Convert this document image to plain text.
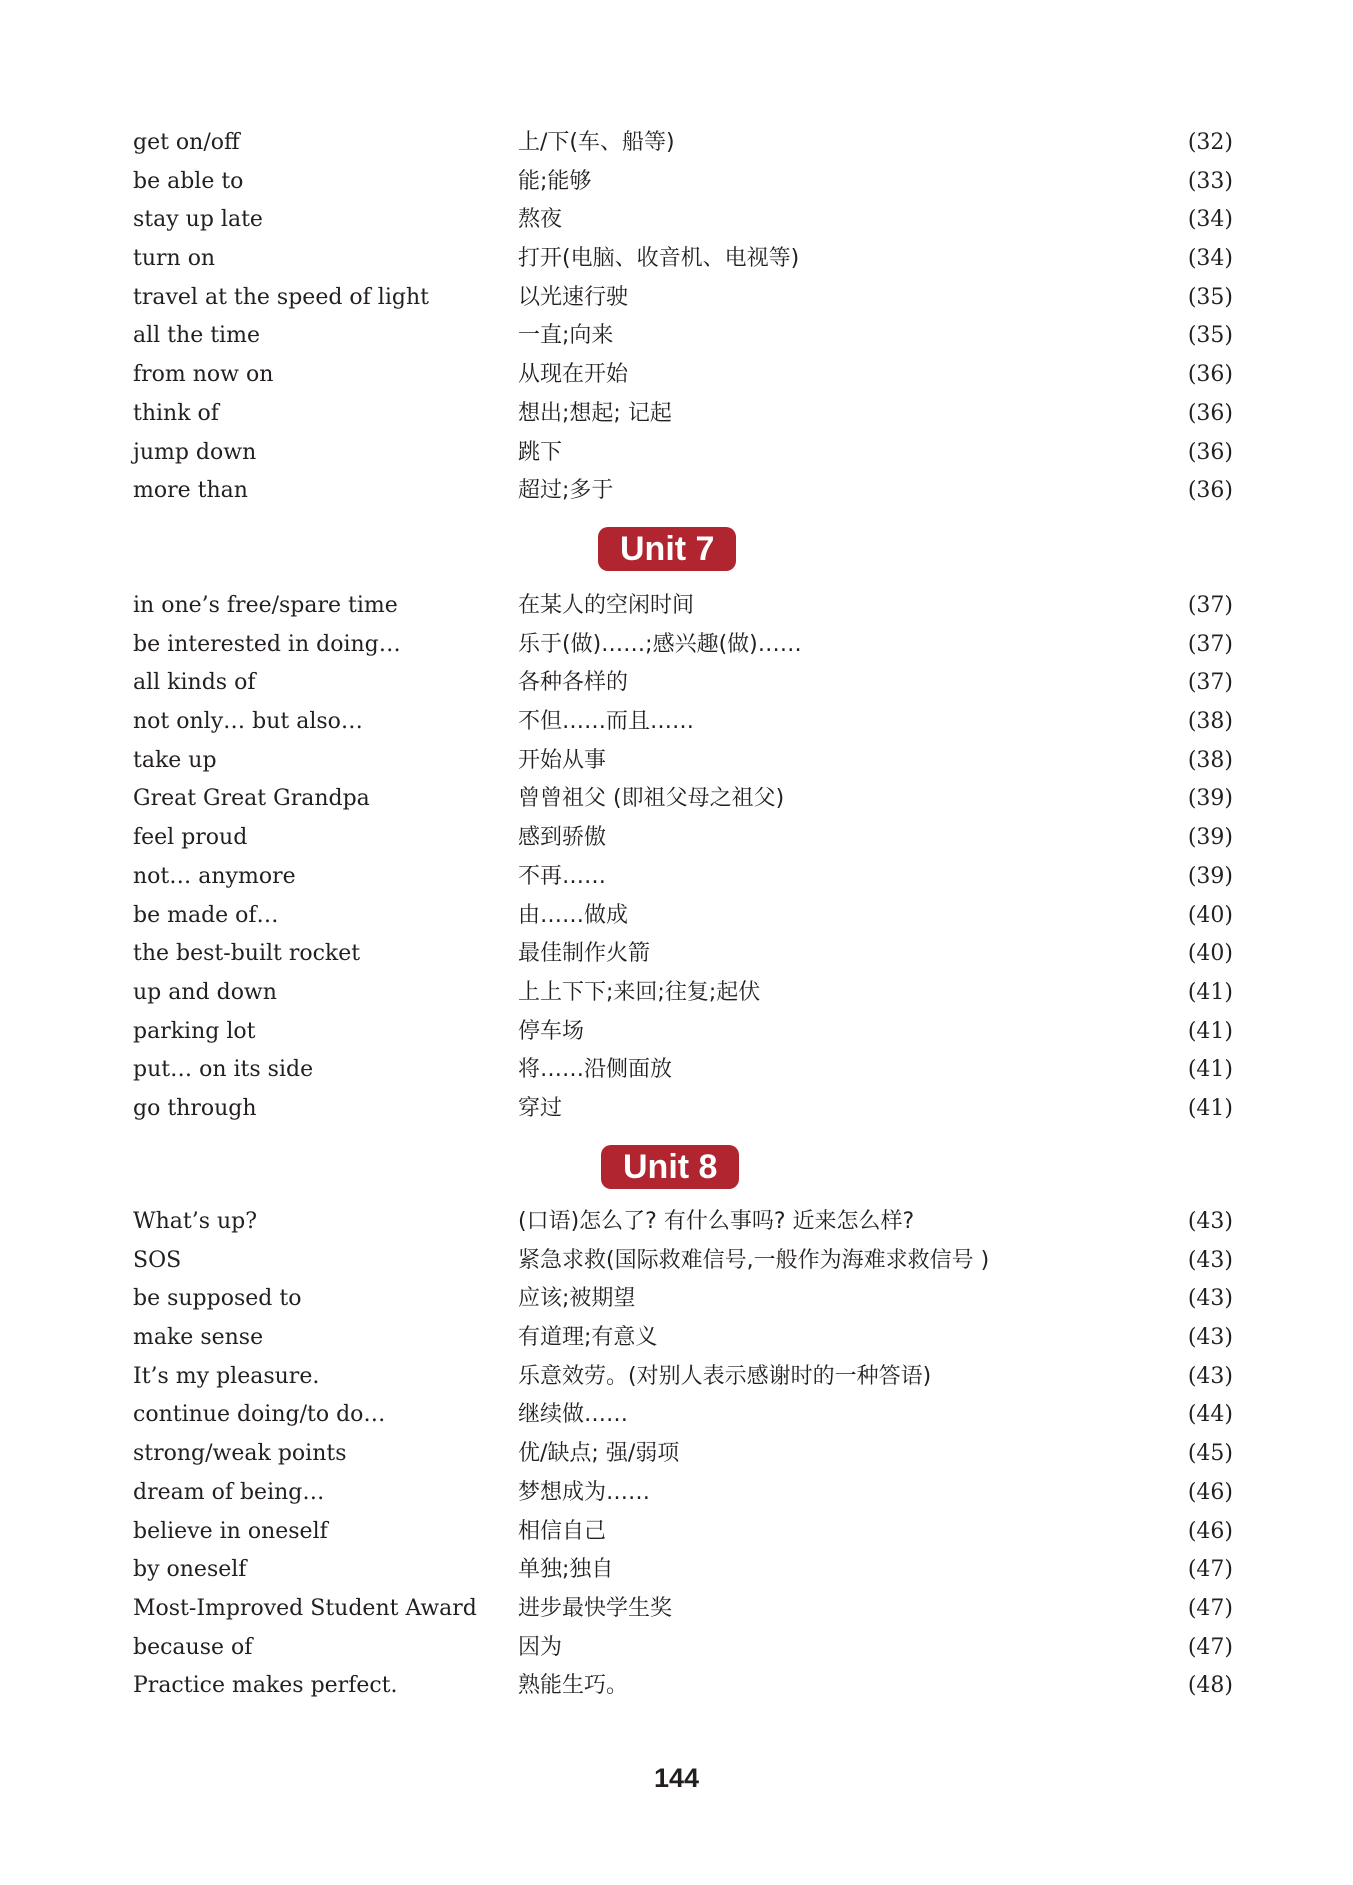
get on/off	上/下(车、船等)	(32)
be able to	能;能够	(33)
stay up late	熬夜	(34)
turn on	打开(电脑、收音机、电视等)	(34)
travel at the speed of light	以光速行驶	(35)
all the time	一直;向来	(35)
from now on	从现在开始	(36)
think of	想出;想起; 记起	(36)
jump down	跳下	(36)
more than	超过;多于	(36)
Unit 7
in one’s free/spare time	在某人的空闲时间	(37)
be interested in doing…	乐于(做)……;感兴趣(做)……	(37)
all kinds of	各种各样的	(37)
not only… but also…	不但……而且……	(38)
take up	开始从事	(38)
Great Great Grandpa	曾曾祖父 (即祖父母之祖父)	(39)
feel proud	感到骄傲	(39)
not… anymore	不再……	(39)
be made of…	由……做成	(40)
the best-built rocket	最佳制作火箭	(40)
up and down	上上下下;来回;往复;起伏	(41)
parking lot	停车场	(41)
put… on its side	将……沿侧面放	(41)
go through	穿过	(41)
Unit 8
What’s up?	(口语)怎么了? 有什么事吗? 近来怎么样?	(43)
SOS	紧急求救(国际救难信号,一般作为海难求救信号 )	(43)
be supposed to	应该;被期望	(43)
make sense	有道理;有意义	(43)
It’s my pleasure.	乐意效劳。(对别人表示感谢时的一种答语)	(43)
continue doing/to do…	继续做……	(44)
strong/weak points	优/缺点; 强/弱项	(45)
dream of being…	梦想成为……	(46)
believe in oneself	相信自己	(46)
by oneself	单独;独自	(47)
Most-Improved Student Award 进步最快学生奖	(47)
because of	因为	(47)
Practice makes perfect.	熟能生巧。	(48)
144
